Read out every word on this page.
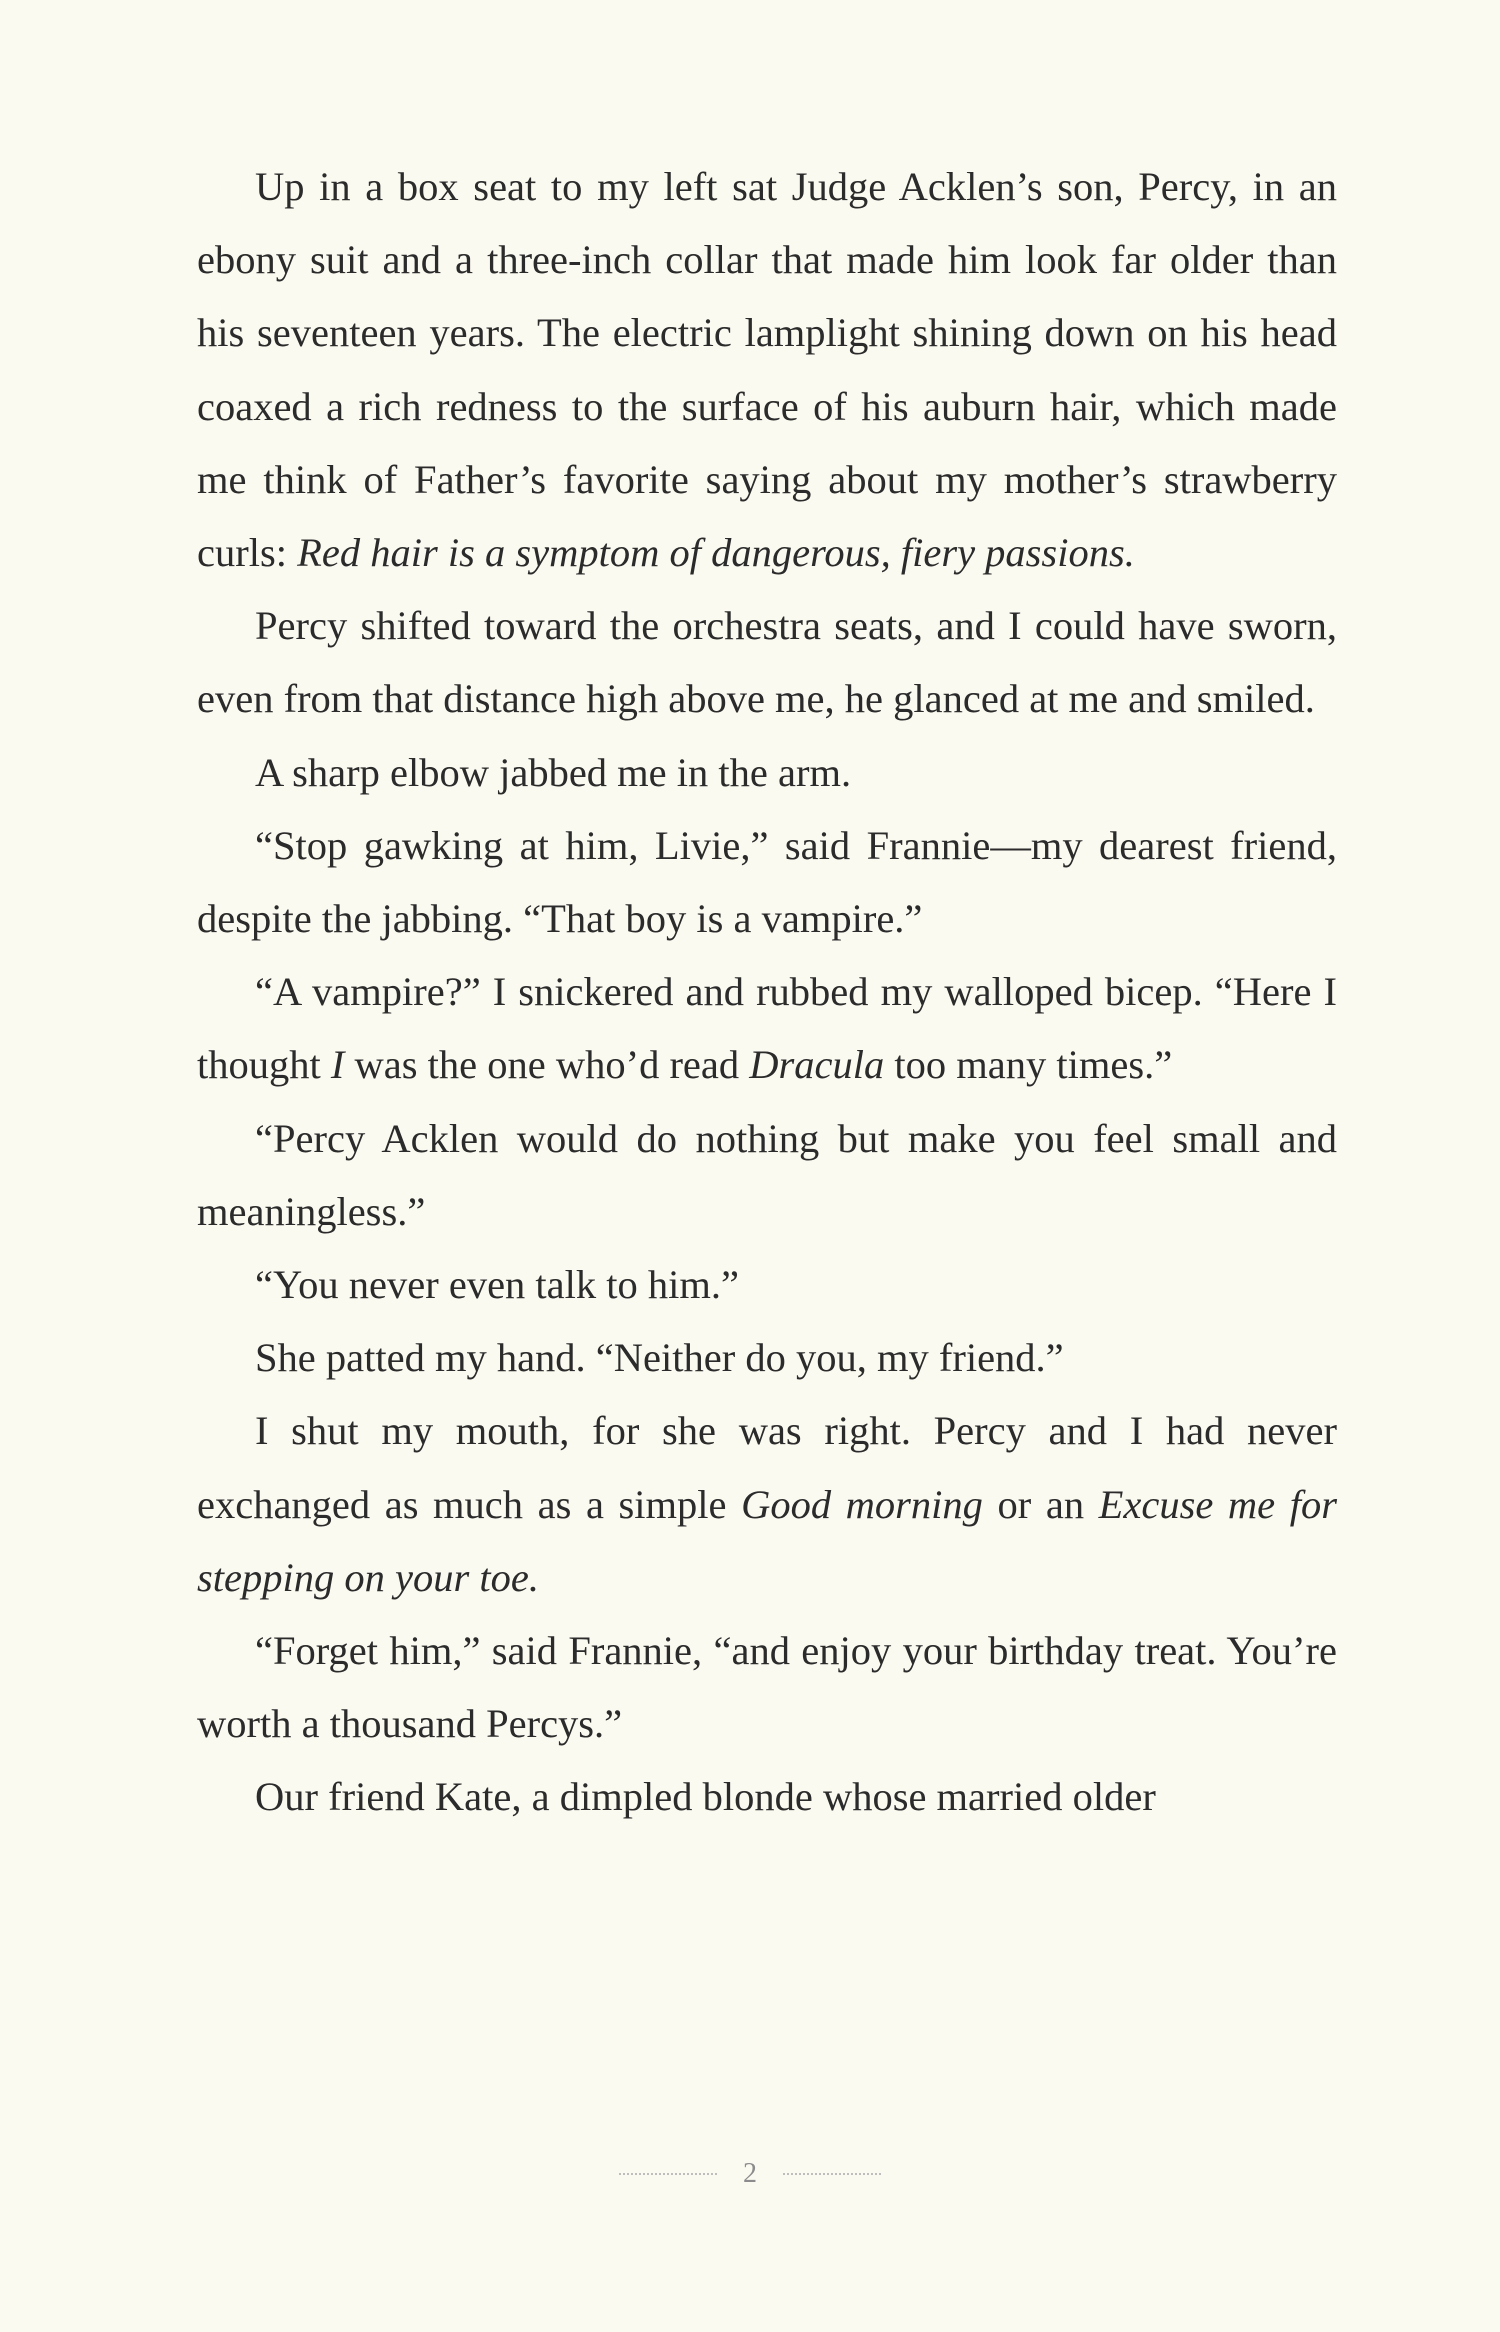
Up in a box seat to my left sat Judge Acklen’s son, Percy, in an ebony suit and a three-inch collar that made him look far older than his seventeen years. The electric lamplight shining down on his head coaxed a rich redness to the surface of his auburn hair, which made me think of Father’s favorite saying about my mother’s strawberry curls: Red hair is a symptom of dangerous, fiery passions.

Percy shifted toward the orchestra seats, and I could have sworn, even from that distance high above me, he glanced at me and smiled.

A sharp elbow jabbed me in the arm.

“Stop gawking at him, Livie,” said Frannie—my dearest friend, despite the jabbing. “That boy is a vampire.”

“A vampire?” I snickered and rubbed my walloped bicep. “Here I thought I was the one who’d read Dracula too many times.”

“Percy Acklen would do nothing but make you feel small and meaningless.”

“You never even talk to him.”

She patted my hand. “Neither do you, my friend.”

I shut my mouth, for she was right. Percy and I had never exchanged as much as a simple Good morning or an Excuse me for stepping on your toe.

“Forget him,” said Frannie, “and enjoy your birthday treat. You’re worth a thousand Percys.”

Our friend Kate, a dimpled blonde whose married older

2
